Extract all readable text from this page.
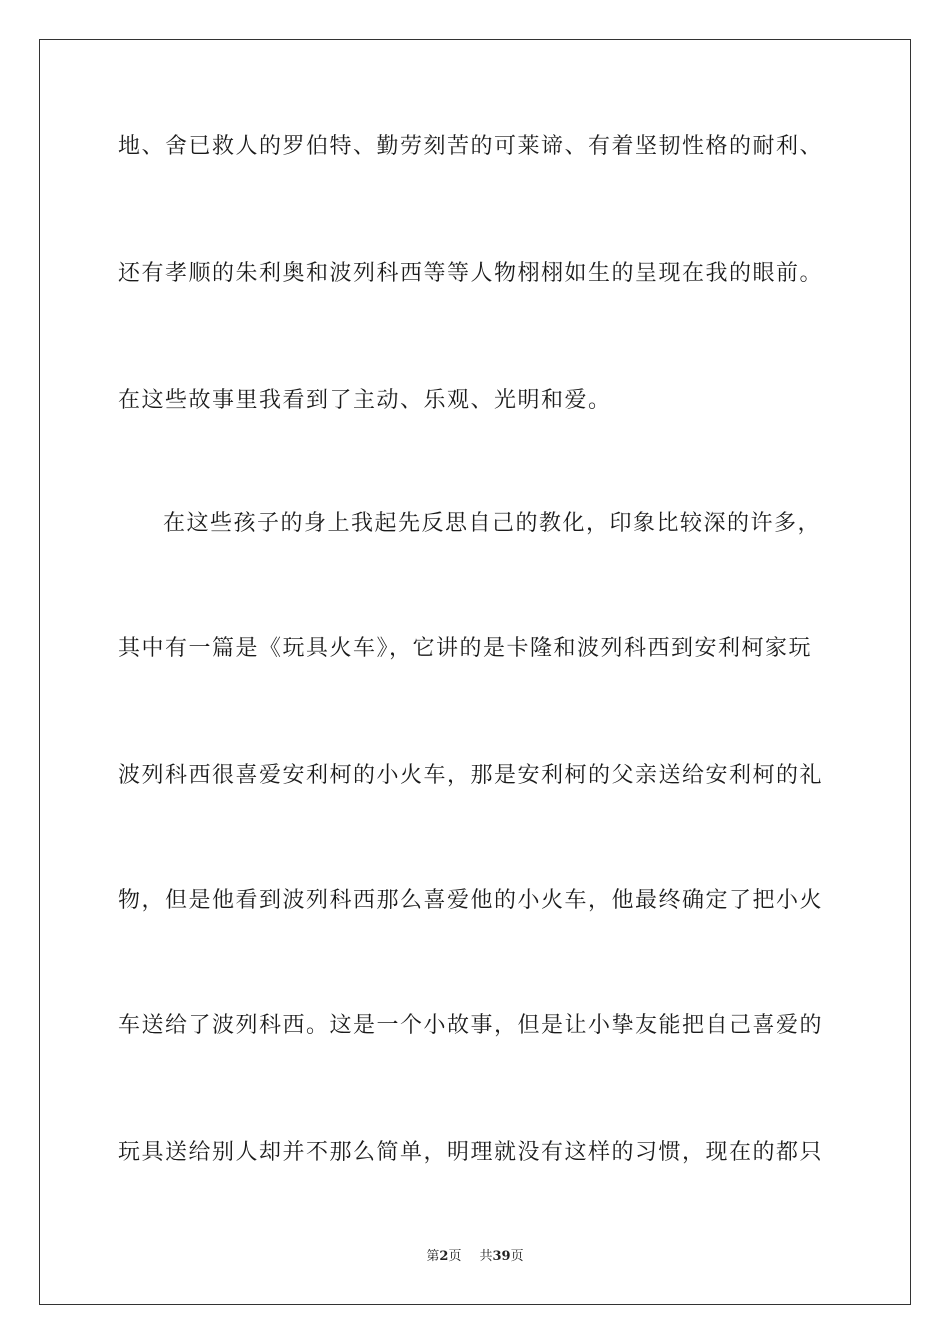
地、舍已救人的罗伯特、勤劳刻苦的可莱谛、有着坚韧性格的耐利、
还有孝顺的朱利奥和波列科西等等人物栩栩如生的呈现在我的眼前。
在这些故事里我看到了主动、乐观、光明和爱。
在这些孩子的身上我起先反思自己的教化，印象比较深的许多，
其中有一篇是《玩具火车》，它讲的是卡隆和波列科西到安利柯家玩
波列科西很喜爱安利柯的小火车，那是安利柯的父亲送给安利柯的礼
物，但是他看到波列科西那么喜爱他的小火车，他最终确定了把小火
车送给了波列科西。这是一个小故事，但是让小挚友能把自己喜爱的
玩具送给别人却并不那么简单，明理就没有这样的习惯，现在的都只
第2页 共39页
